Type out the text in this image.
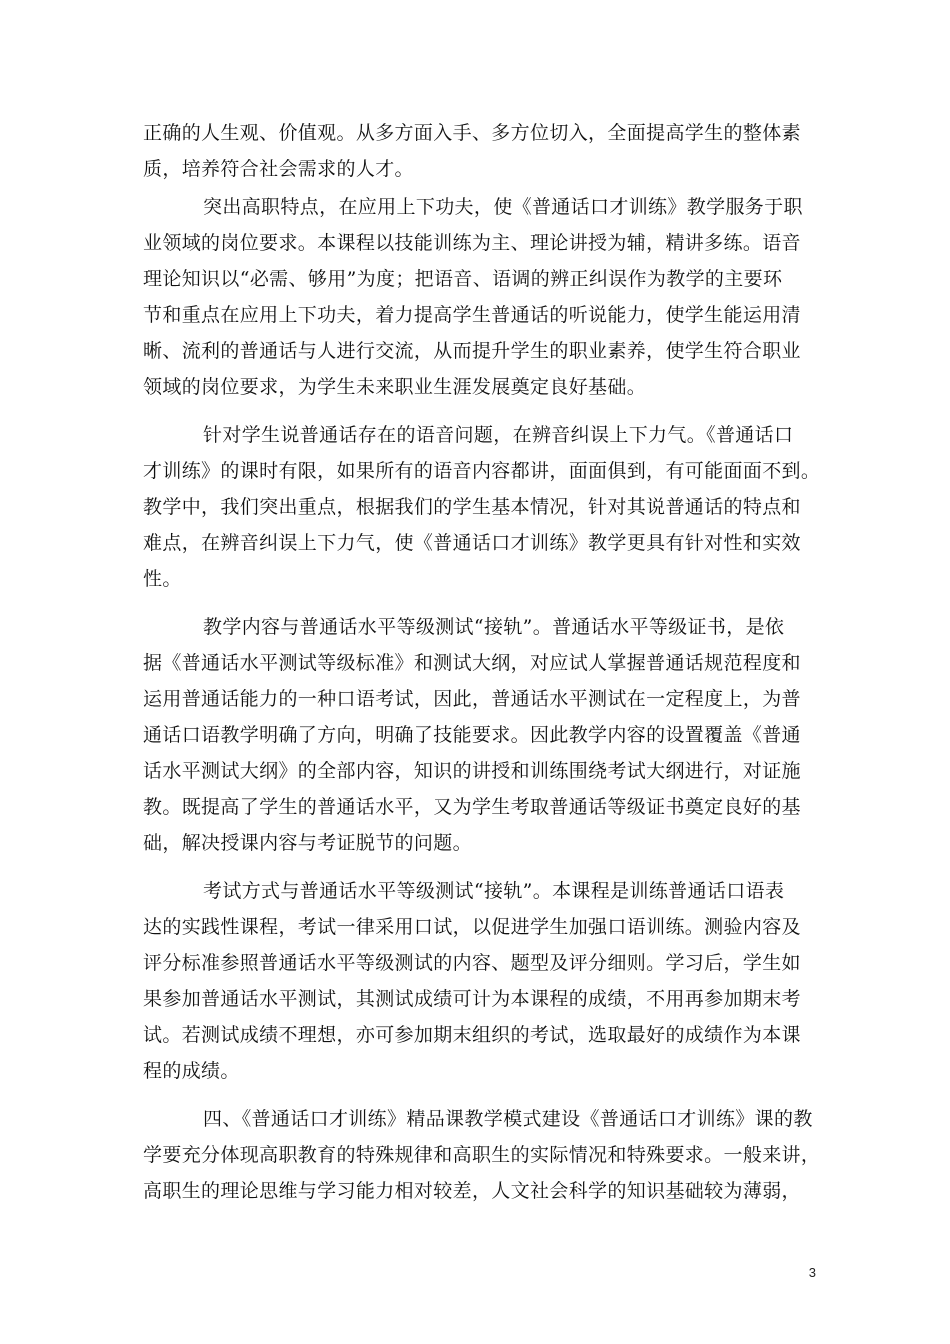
正确的人生观、价值观。从多方面入手、多方位切入，全面提高学生的整体素
质，培养符合社会需求的人才。
突出高职特点，在应用上下功夫，使《普通话口才训练》教学服务于职
业领域的岗位要求。本课程以技能训练为主、理论讲授为辅，精讲多练。语音
理论知识以“必需、够用”为度；把语音、语调的辨正纠误作为教学的主要环
节和重点在应用上下功夫，着力提高学生普通话的听说能力，使学生能运用清
晰、流利的普通话与人进行交流，从而提升学生的职业素养，使学生符合职业
领域的岗位要求，为学生未来职业生涯发展奠定良好基础。
针对学生说普通话存在的语音问题，在辨音纠误上下力气。《普通话口
才训练》的课时有限，如果所有的语音内容都讲，面面俱到，有可能面面不到。
教学中，我们突出重点，根据我们的学生基本情况，针对其说普通话的特点和
难点，在辨音纠误上下力气，使《普通话口才训练》教学更具有针对性和实效
性。
教学内容与普通话水平等级测试“接轨”。普通话水平等级证书，是依
据《普通话水平测试等级标准》和测试大纲，对应试人掌握普通话规范程度和
运用普通话能力的一种口语考试，因此，普通话水平测试在一定程度上，为普
通话口语教学明确了方向，明确了技能要求。因此教学内容的设置覆盖《普通
话水平测试大纲》的全部内容，知识的讲授和训练围绕考试大纲进行，对证施
教。既提高了学生的普通话水平，又为学生考取普通话等级证书奠定良好的基
础，解决授课内容与考证脱节的问题。
考试方式与普通话水平等级测试“接轨”。本课程是训练普通话口语表
达的实践性课程，考试一律采用口试，以促进学生加强口语训练。测验内容及
评分标准参照普通话水平等级测试的内容、题型及评分细则。学习后，学生如
果参加普通话水平测试，其测试成绩可计为本课程的成绩，不用再参加期末考
试。若测试成绩不理想，亦可参加期末组织的考试，选取最好的成绩作为本课
程的成绩。
四、《普通话口才训练》精品课教学模式建设《普通话口才训练》课的教
学要充分体现高职教育的特殊规律和高职生的实际情况和特殊要求。一般来讲，
高职生的理论思维与学习能力相对较差，人文社会科学的知识基础较为薄弱，
3
